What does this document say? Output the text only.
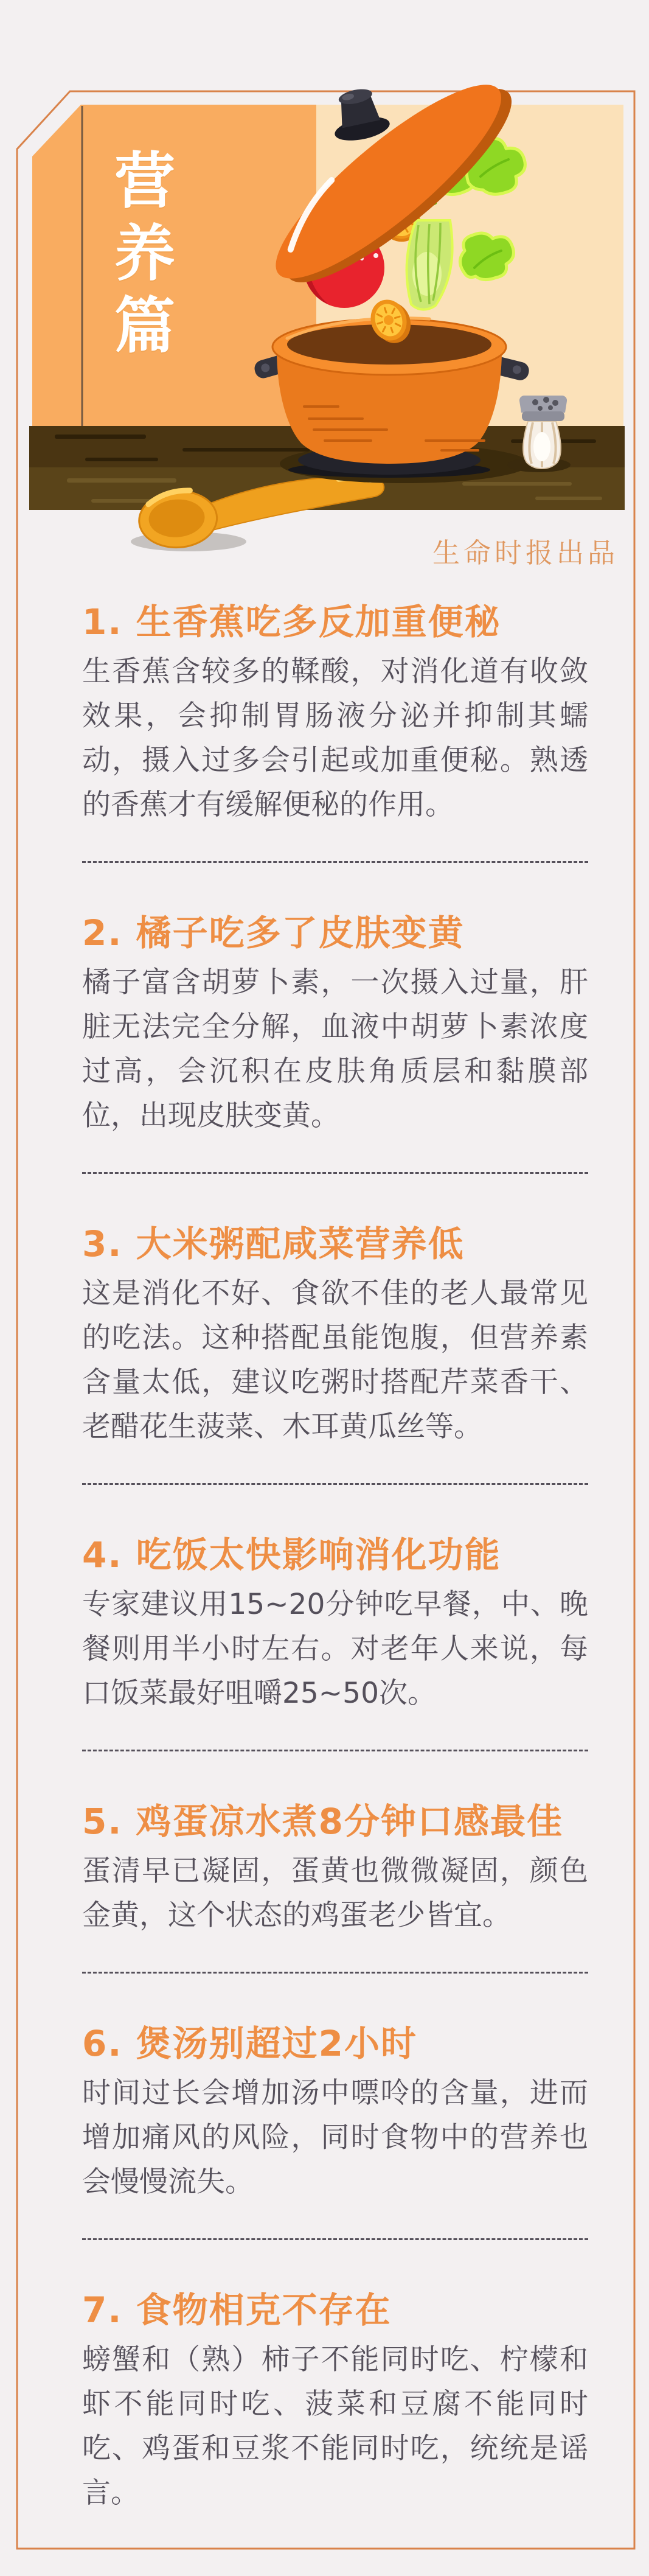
营
养
篇
生命时报出品
1. 生香蕉吃多反加重便秘

生香蕉含较多的鞣酸，对消化道有收敛效果，会抑制胃肠液分泌并抑制其蠕动，摄入过多会引起或加重便秘。熟透的香蕉才有缓解便秘的作用。

2. 橘子吃多了皮肤变黄

橘子富含胡萝卜素，一次摄入过量，肝脏无法完全分解，血液中胡萝卜素浓度过高，会沉积在皮肤角质层和黏膜部位，出现皮肤变黄。

3. 大米粥配咸菜营养低

这是消化不好、食欲不佳的老人最常见的吃法。这种搭配虽能饱腹，但营养素含量太低，建议吃粥时搭配芹菜香干、老醋花生菠菜、木耳黄瓜丝等。

4. 吃饭太快影响消化功能

专家建议用15~20分钟吃早餐，中、晚餐则用半小时左右。对老年人来说，每口饭菜最好咀嚼25~50次。

5. 鸡蛋凉水煮8分钟口感最佳

蛋清早已凝固，蛋黄也微微凝固，颜色金黄，这个状态的鸡蛋老少皆宜。

6. 煲汤别超过2小时

时间过长会增加汤中嘌呤的含量，进而增加痛风的风险，同时食物中的营养也会慢慢流失。

7. 食物相克不存在

螃蟹和（熟）柿子不能同时吃、柠檬和虾不能同时吃、菠菜和豆腐不能同时吃、鸡蛋和豆浆不能同时吃，统统是谣言。
